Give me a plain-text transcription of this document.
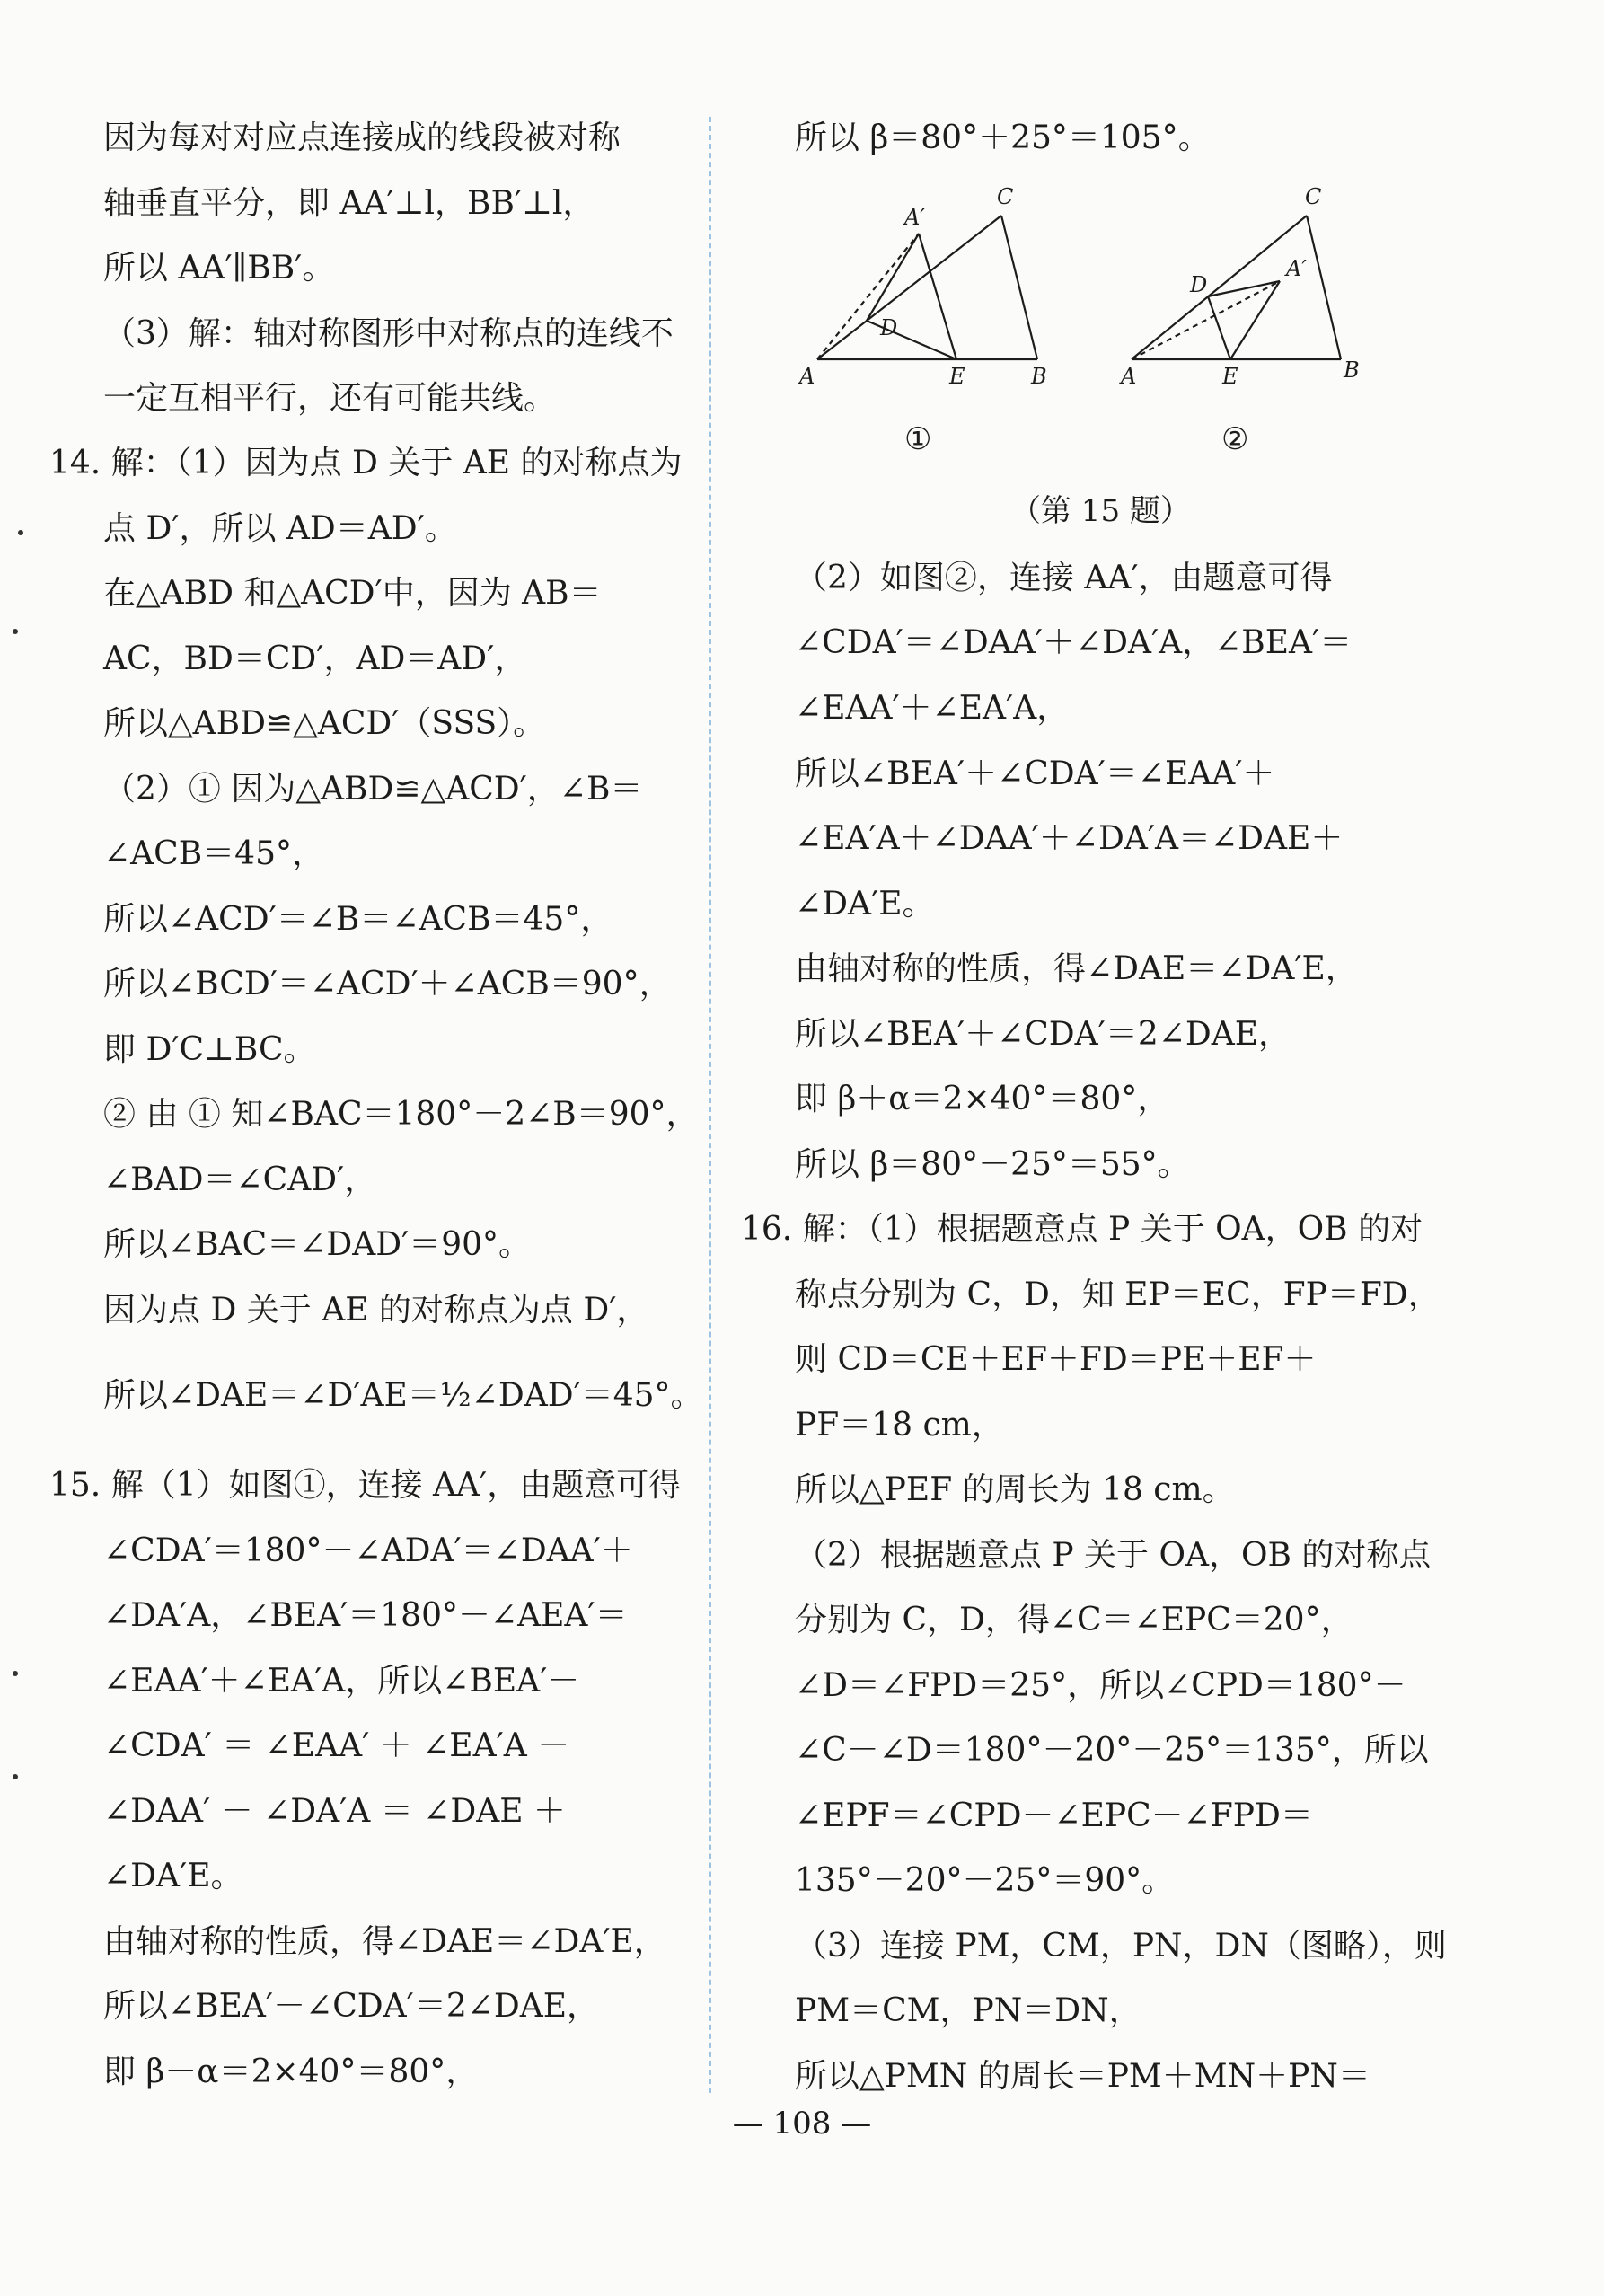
因为每对对应点连接成的线段被对称
轴垂直平分，即 AA′⊥l，BB′⊥l，
所以 AA′∥BB′。
（3）解：轴对称图形中对称点的连线不
一定互相平行，还有可能共线。
14. 解：（1）因为点 D 关于 AE 的对称点为
点 D′，所以 AD＝AD′。
在△ABD 和△ACD′中，因为 AB＝
AC，BD＝CD′，AD＝AD′，
所以△ABD≌△ACD′（SSS）。
（2）① 因为△ABD≌△ACD′，∠B＝
∠ACB＝45°，
所以∠ACD′＝∠B＝∠ACB＝45°，
所以∠BCD′＝∠ACD′＋∠ACB＝90°，
即 D′C⊥BC。
② 由 ① 知∠BAC＝180°－2∠B＝90°，
∠BAD＝∠CAD′，
所以∠BAC＝∠DAD′＝90°。
因为点 D 关于 AE 的对称点为点 D′，
所以∠DAE＝∠D′AE＝½∠DAD′＝45°。
15. 解（1）如图①，连接 AA′，由题意可得
∠CDA′＝180°－∠ADA′＝∠DAA′＋
∠DA′A，∠BEA′＝180°－∠AEA′＝
∠EAA′＋∠EA′A，所以∠BEA′－
∠CDA′ ＝ ∠EAA′ ＋ ∠EA′A －
∠DAA′ － ∠DA′A ＝ ∠DAE ＋
∠DA′E。
由轴对称的性质，得∠DAE＝∠DA′E，
所以∠BEA′－∠CDA′＝2∠DAE，
即 β－α＝2×40°＝80°，
所以 β＝80°＋25°＝105°。
（2）如图②，连接 AA′，由题意可得
∠CDA′＝∠DAA′＋∠DA′A，∠BEA′＝
∠EAA′＋∠EA′A，
所以∠BEA′＋∠CDA′＝∠EAA′＋
∠EA′A＋∠DAA′＋∠DA′A＝∠DAE＋
∠DA′E。
由轴对称的性质，得∠DAE＝∠DA′E，
所以∠BEA′＋∠CDA′＝2∠DAE，
即 β＋α＝2×40°＝80°，
所以 β＝80°－25°＝55°。
16. 解：（1）根据题意点 P 关于 OA，OB 的对
称点分别为 C，D，知 EP＝EC，FP＝FD，
则 CD＝CE＋EF＋FD＝PE＋EF＋
PF＝18 cm，
所以△PEF 的周长为 18 cm。
（2）根据题意点 P 关于 OA，OB 的对称点
分别为 C，D，得∠C＝∠EPC＝20°，
∠D＝∠FPD＝25°，所以∠CPD＝180°－
∠C－∠D＝180°－20°－25°＝135°，所以
∠EPF＝∠CPD－∠EPC－∠FPD＝
135°－20°－25°＝90°。
（3）连接 PM，CM，PN，DN（图略），则
PM＝CM，PN＝DN，
所以△PMN 的周长＝PM＋MN＋PN＝
A
A′
C
D
E	B
①
A
A′
C
D
E	B
②
（第 15 题）
— 108 —
